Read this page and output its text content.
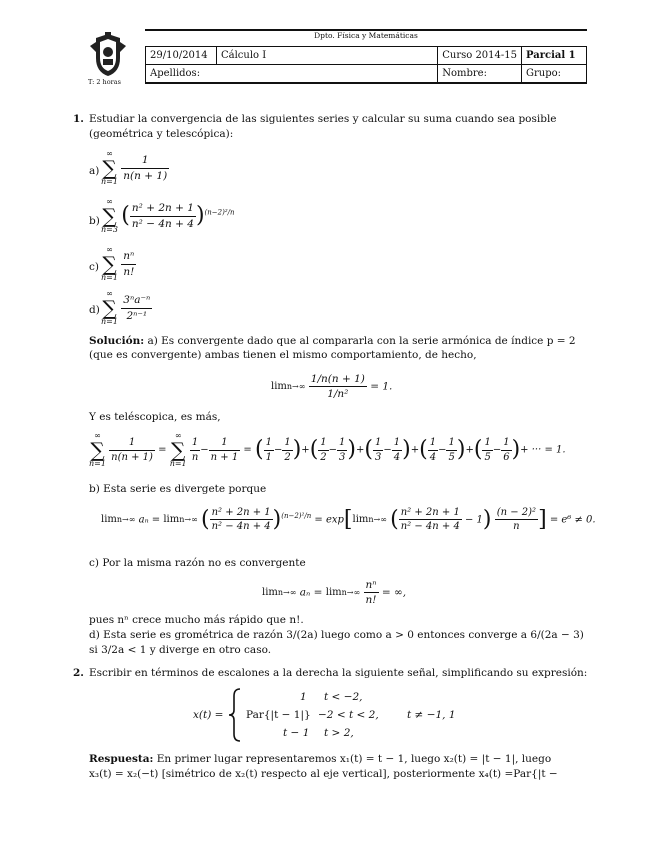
T: 2 horas
Dpto. Física y Matemáticas
29/10/2014	Cálculo I	Curso 2014-15	Parcial 1
Apellidos:		Nombre:	Grupo:
1. Estudiar la convergencia de las siguientes series y calcular su suma cuando sea posible
(geométrica y telescópica):
a)
∞
∑
$n=1 \frac{1}{n(n + 1)}$
b)
∞
∑
n=3 ( $\frac{\text{n² + 2n + 1}}{\text{n² − 4n + 4}} )^{(n-2)^2/n}$
c)
∞
∑
$n=1 \frac{\text{nⁿ}}{n!}$
d)
∞
∑
$n=1 \frac{\text{3ⁿa⁻ⁿ}}{\text{2ⁿ⁻¹}}$
Solución: a) Es convergente dado que al compararla con la serie armónica de índice p = 2
(que es convergente) ambas tienen el mismo comportamiento, de hecho,
$\lim n\to\infty \frac{1/n(n + 1)}{\text{1/n²}} = 1$.
Y es teléscopica, es más,
∞
∑
$n=1 \frac{1}{n(n + 1)}$ = ∞
∑
$n=1 \frac{1}{n} - \frac{1}{n + 1}$ = ( $\frac{1}{1} - \frac{1}{2}$ )+( $\frac{1}{2} - \frac{1}{3}$ )+( $\frac{1}{3} - \frac{1}{4}$ )+( $\frac{1}{4} - \frac{1}{5}$ )+( $\frac{1}{5} - \frac{1}{6}$ )+ ··· = 1.
b) Esta serie es divergete porque
limn→∞ aₙ = limn→∞ ( $\frac{\text{n² + 2n + 1}}{\text{n² − 4n + 4}} )^{(n-2)^2/n} = \exp[\lim n\to\infty$ ( $\frac{\text{n² + 2n + 1}}{\text{n² − 4n + 4}} - 1) \frac{\text{(n − 2)²}}{n}$ ] = e⁶ ≠ 0.
c) Por la misma razón no es convergente
limn→∞ $a_n = \lim n\to\infty \frac{\text{nⁿ}}{n!}$ = ∞,
pues nⁿ crece mucho más rápido que n!.
d) Esta serie es grométrica de razón 3/(2a) luego como a > 0 entonces converge a 6/(2a − 3)
si 3/2a < 1 y diverge en otro caso.
2. Escribir en términos de escalones a la derecha la siguiente señal, simplificando su expresión:
x(t) =
1 t < −2,
Par{|t − 1|} −2 < t < 2,	t ≠ −1, 1
t − 1 t > 2,
Respuesta: En primer lugar representaremos x₁(t) = t − 1, luego x₂(t) = |t − 1|, luego
x₃(t) = x₂(−t) [simétrico de x₂(t) respecto al eje vertical], posteriormente x₄(t) =Par{|t −
